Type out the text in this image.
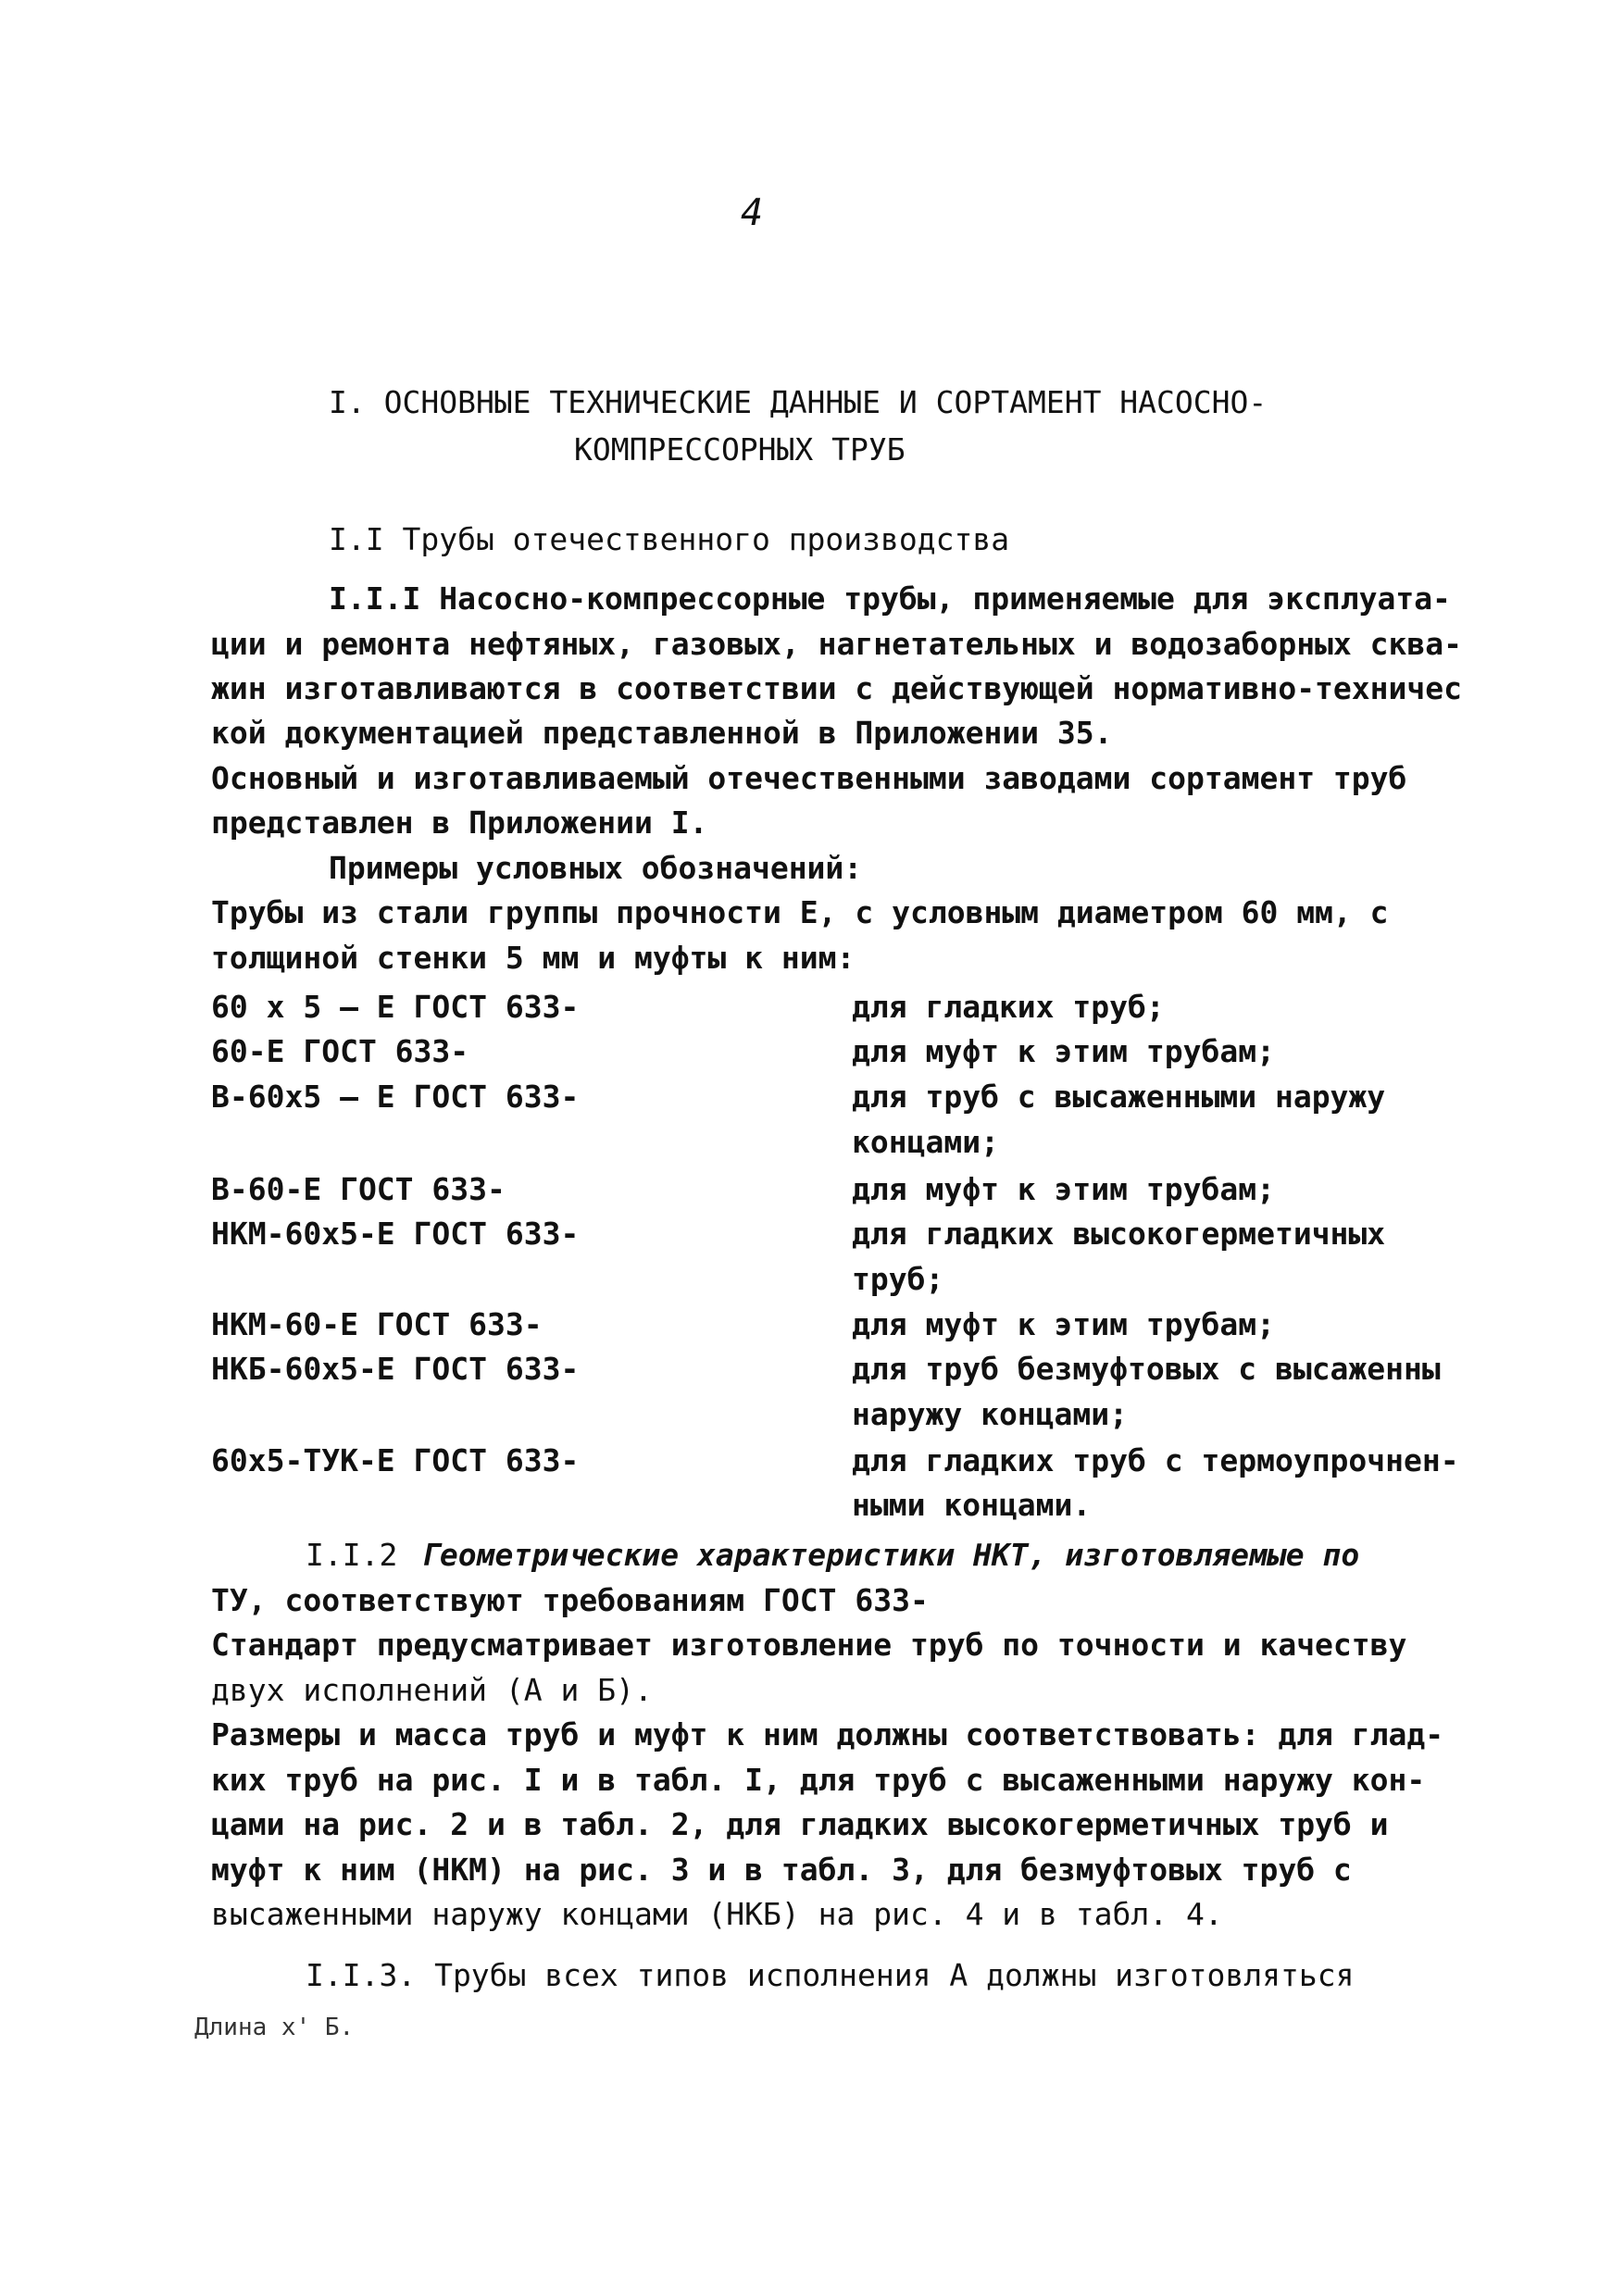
4
I. ОСНОВНЫЕ ТЕХНИЧЕСКИЕ ДАННЫЕ И СОРТАМЕНТ НАСОСНО-
КОМПРЕССОРНЫХ ТРУБ
I.I Трубы отечественного производства
I.I.I Насосно-компрессорные трубы, применяемые для эксплуата-
ции и ремонта нефтяных, газовых, нагнетательных и водозаборных сква-
жин изготавливаются в соответствии с действующей нормативно-техничес
кой документацией представленной в Приложении 35.
Основный и изготавливаемый отечественными заводами сортамент труб
представлен в Приложении I.
Примеры условных обозначений:
Трубы из стали группы прочности Е, с условным диаметром 60 мм, с
толщиной стенки 5 мм и муфты к ним:
60 х 5 – Е ГОСТ 633-	для гладких труб;
60-Е ГОСТ 633-	для муфт к этим трубам;
В-60х5 – Е ГОСТ 633-	для труб с высаженными наружу
концами;
В-60-Е ГОСТ 633-	для муфт к этим трубам;
НКМ-60х5-Е ГОСТ 633-	для гладких высокогерметичных
труб;
НКМ-60-Е ГОСТ 633-	для муфт к этим трубам;
НКБ-60х5-Е ГОСТ 633-	для труб безмуфтовых с высаженны
наружу концами;
60х5-ТУК-Е ГОСТ 633-	для гладких труб с термоупрочнен-
ными концами.
I.I.2 Геометрические характеристики НКТ, изготовляемые по
ТУ, соответствуют требованиям ГОСТ 633-
Стандарт предусматривает изготовление труб по точности и качеству
двух исполнений (А и Б).
Размеры и масса труб и муфт к ним должны соответствовать: для глад-
ких труб на рис. I и в табл. I, для труб с высаженными наружу кон-
цами на рис. 2 и в табл. 2, для гладких высокогерметичных труб и
муфт к ним (НКМ) на рис. 3 и в табл. 3, для безмуфтовых труб с
высаженными наружу концами (НКБ) на рис. 4 и в табл. 4.
I.I.3. Трубы всех типов исполнения А должны изготовляться
Длина х' Б.
